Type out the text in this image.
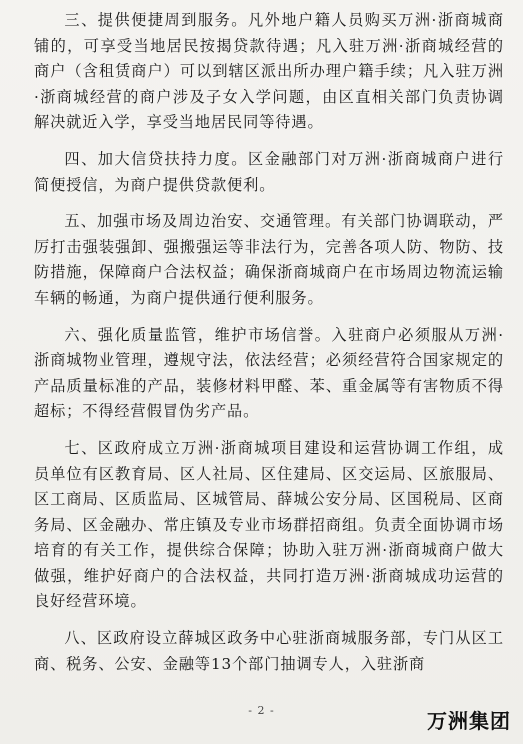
三、提供便捷周到服务。凡外地户籍人员购买万洲·浙商城商铺的，可享受当地居民按揭贷款待遇；凡入驻万洲·浙商城经营的商户（含租赁商户）可以到辖区派出所办理户籍手续；凡入驻万洲·浙商城经营的商户涉及子女入学问题，由区直相关部门负责协调解决就近入学，享受当地居民同等待遇。

四、加大信贷扶持力度。区金融部门对万洲·浙商城商户进行简便授信，为商户提供贷款便利。

五、加强市场及周边治安、交通管理。有关部门协调联动，严厉打击强装强卸、强搬强运等非法行为，完善各项人防、物防、技防措施，保障商户合法权益；确保浙商城商户在市场周边物流运输车辆的畅通，为商户提供通行便利服务。

六、强化质量监管，维护市场信誉。入驻商户必须服从万洲·浙商城物业管理，遵规守法，依法经营；必须经营符合国家规定的产品质量标准的产品，装修材料甲醛、苯、重金属等有害物质不得超标；不得经营假冒伪劣产品。

七、区政府成立万洲·浙商城项目建设和运营协调工作组，成员单位有区教育局、区人社局、区住建局、区交运局、区旅服局、区工商局、区质监局、区城管局、薛城公安分局、区国税局、区商务局、区金融办、常庄镇及专业市场群招商组。负责全面协调市场培育的有关工作，提供综合保障；协助入驻万洲·浙商城商户做大做强，维护好商户的合法权益，共同打造万洲·浙商城成功运营的良好经营环境。

八、区政府设立薛城区政务中心驻浙商城服务部，专门从区工商、税务、公安、金融等13个部门抽调专人，入驻浙商

- 2 -	万洲集团
